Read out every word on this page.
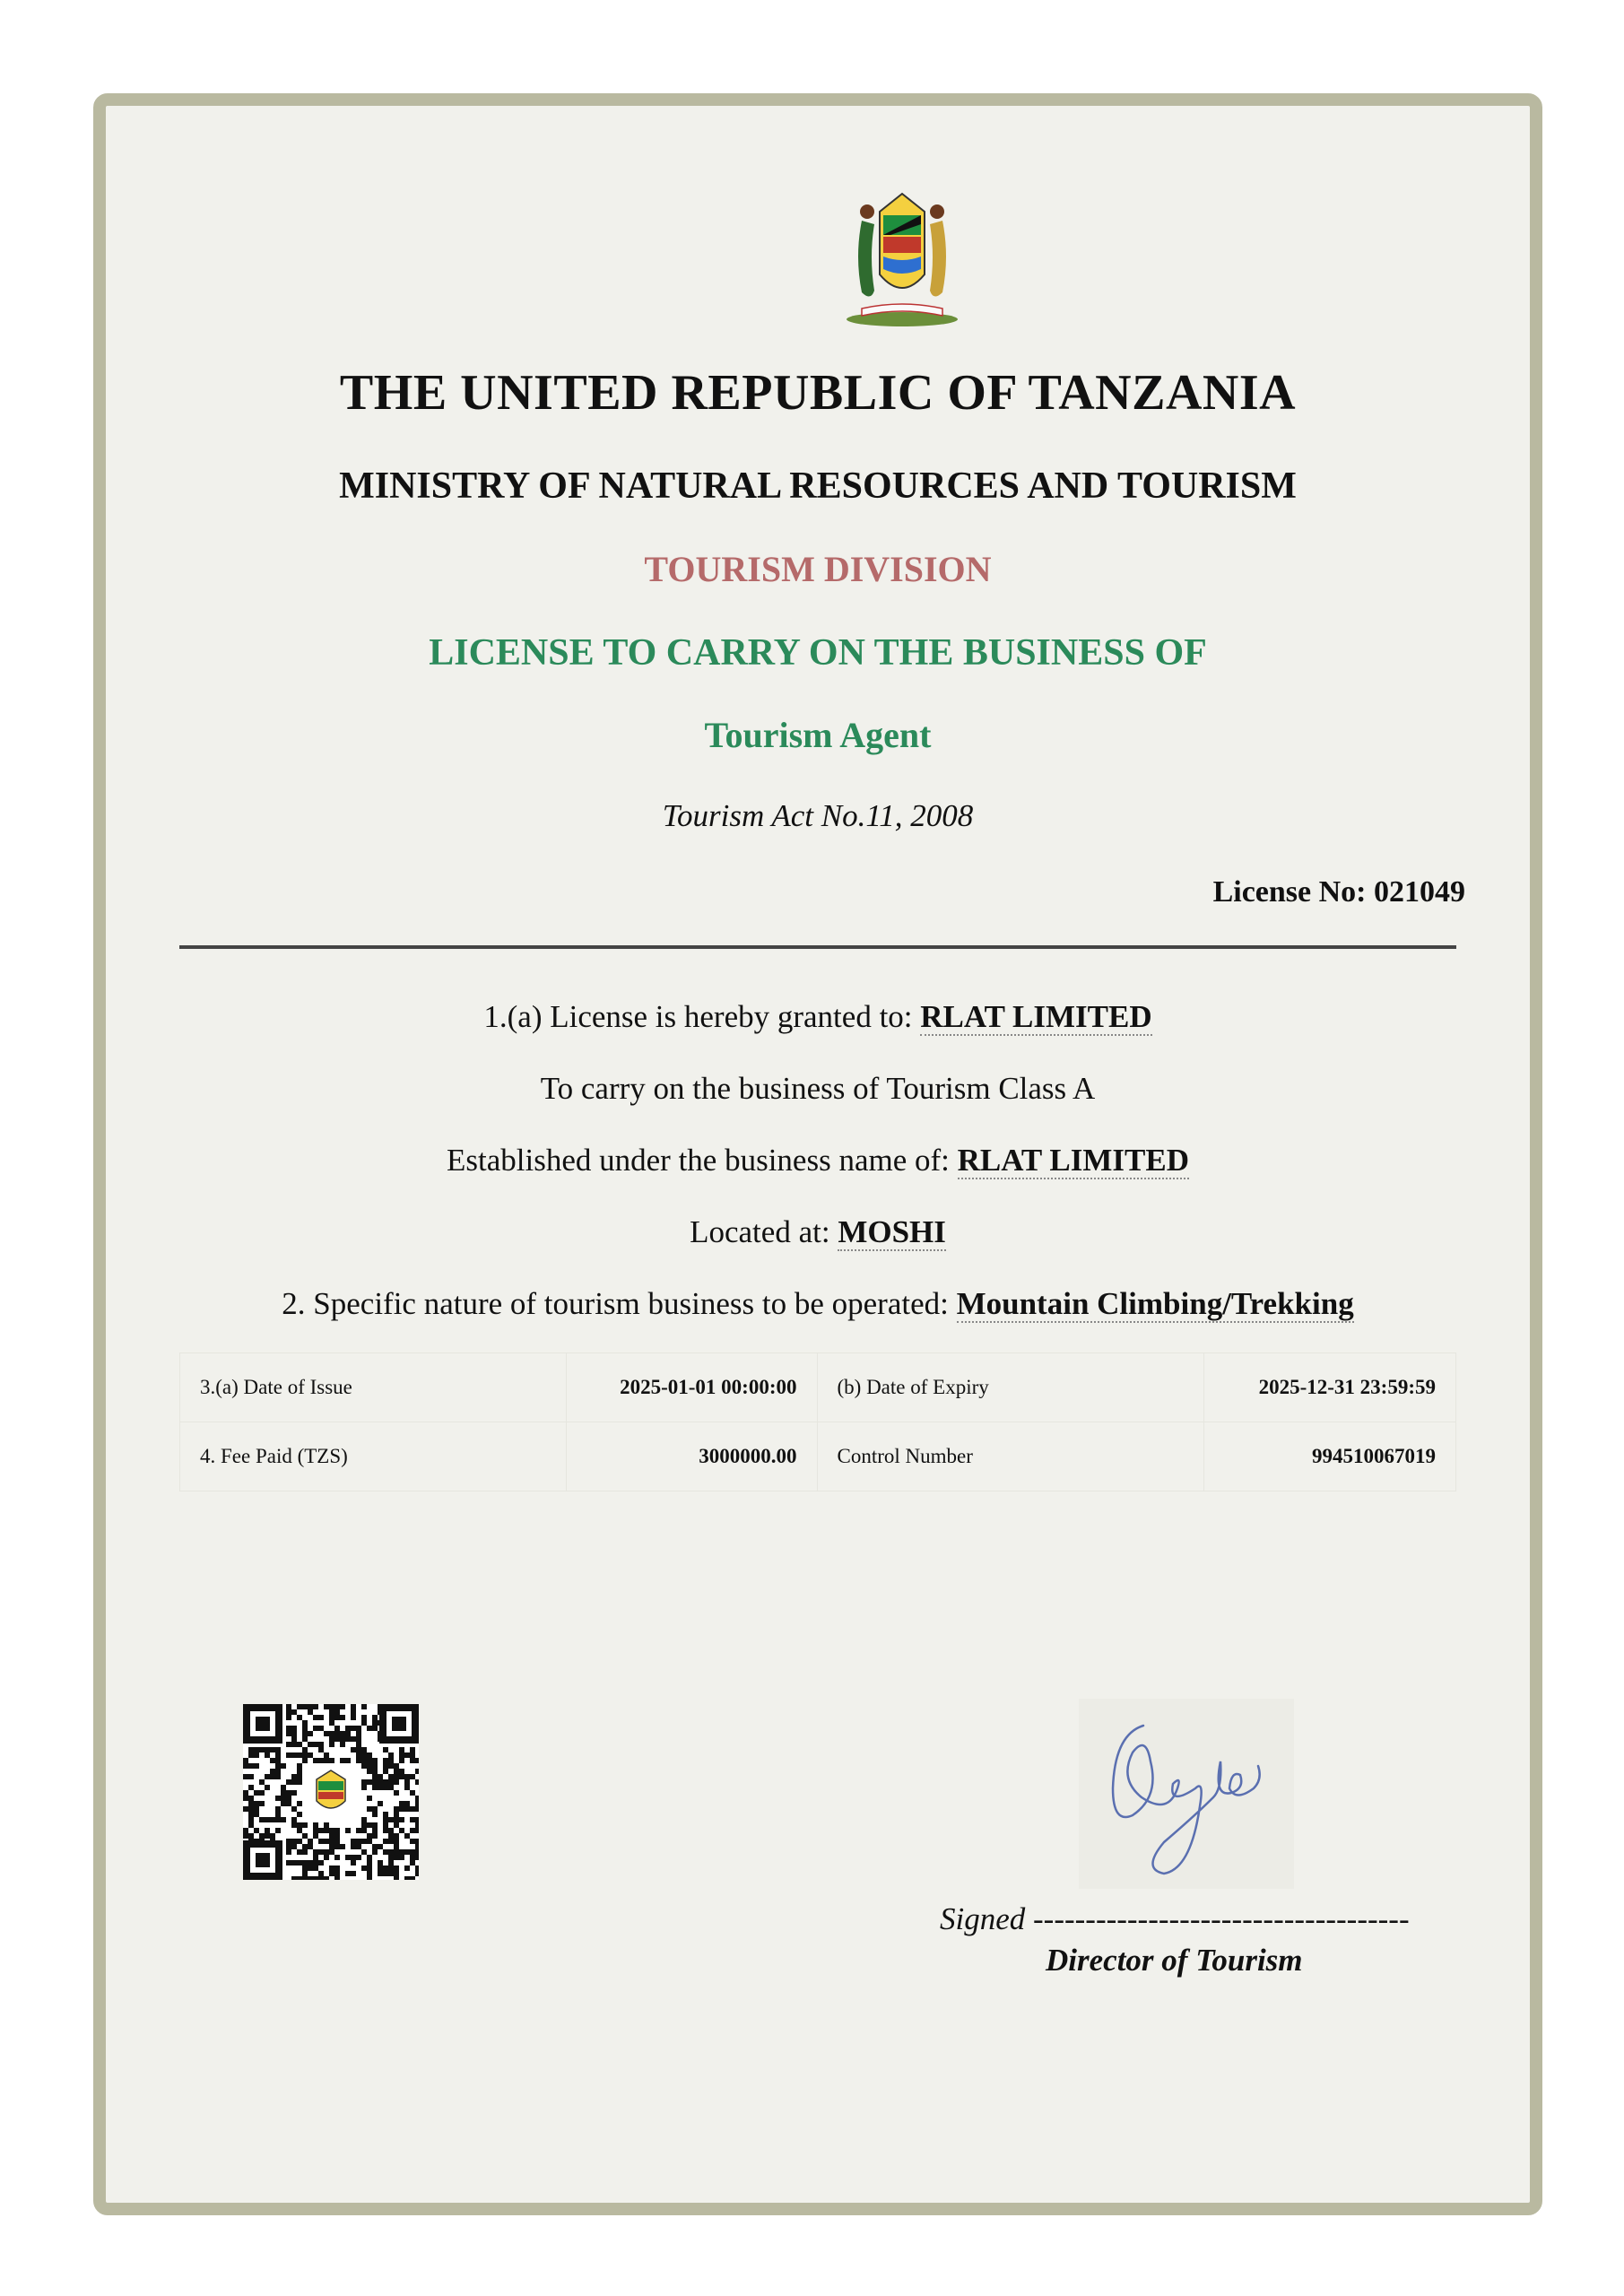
THE UNITED REPUBLIC OF TANZANIA
MINISTRY OF NATURAL RESOURCES AND TOURISM
TOURISM DIVISION
LICENSE TO CARRY ON THE BUSINESS OF
Tourism Agent
Tourism Act No.11, 2008
License No: 021049
1.(a) License is hereby granted to: RLAT LIMITED
To carry on the business of Tourism Class A
Established under the business name of: RLAT LIMITED
Located at: MOSHI
2. Specific nature of tourism business to be operated: Mountain Climbing/Trekking
3.(a) Date of Issue	2025-01-01 00:00:00	(b) Date of Expiry	2025-12-31 23:59:59
4. Fee Paid (TZS)	3000000.00	Control Number	994510067019
Signed ------------------------------------
Director of Tourism
